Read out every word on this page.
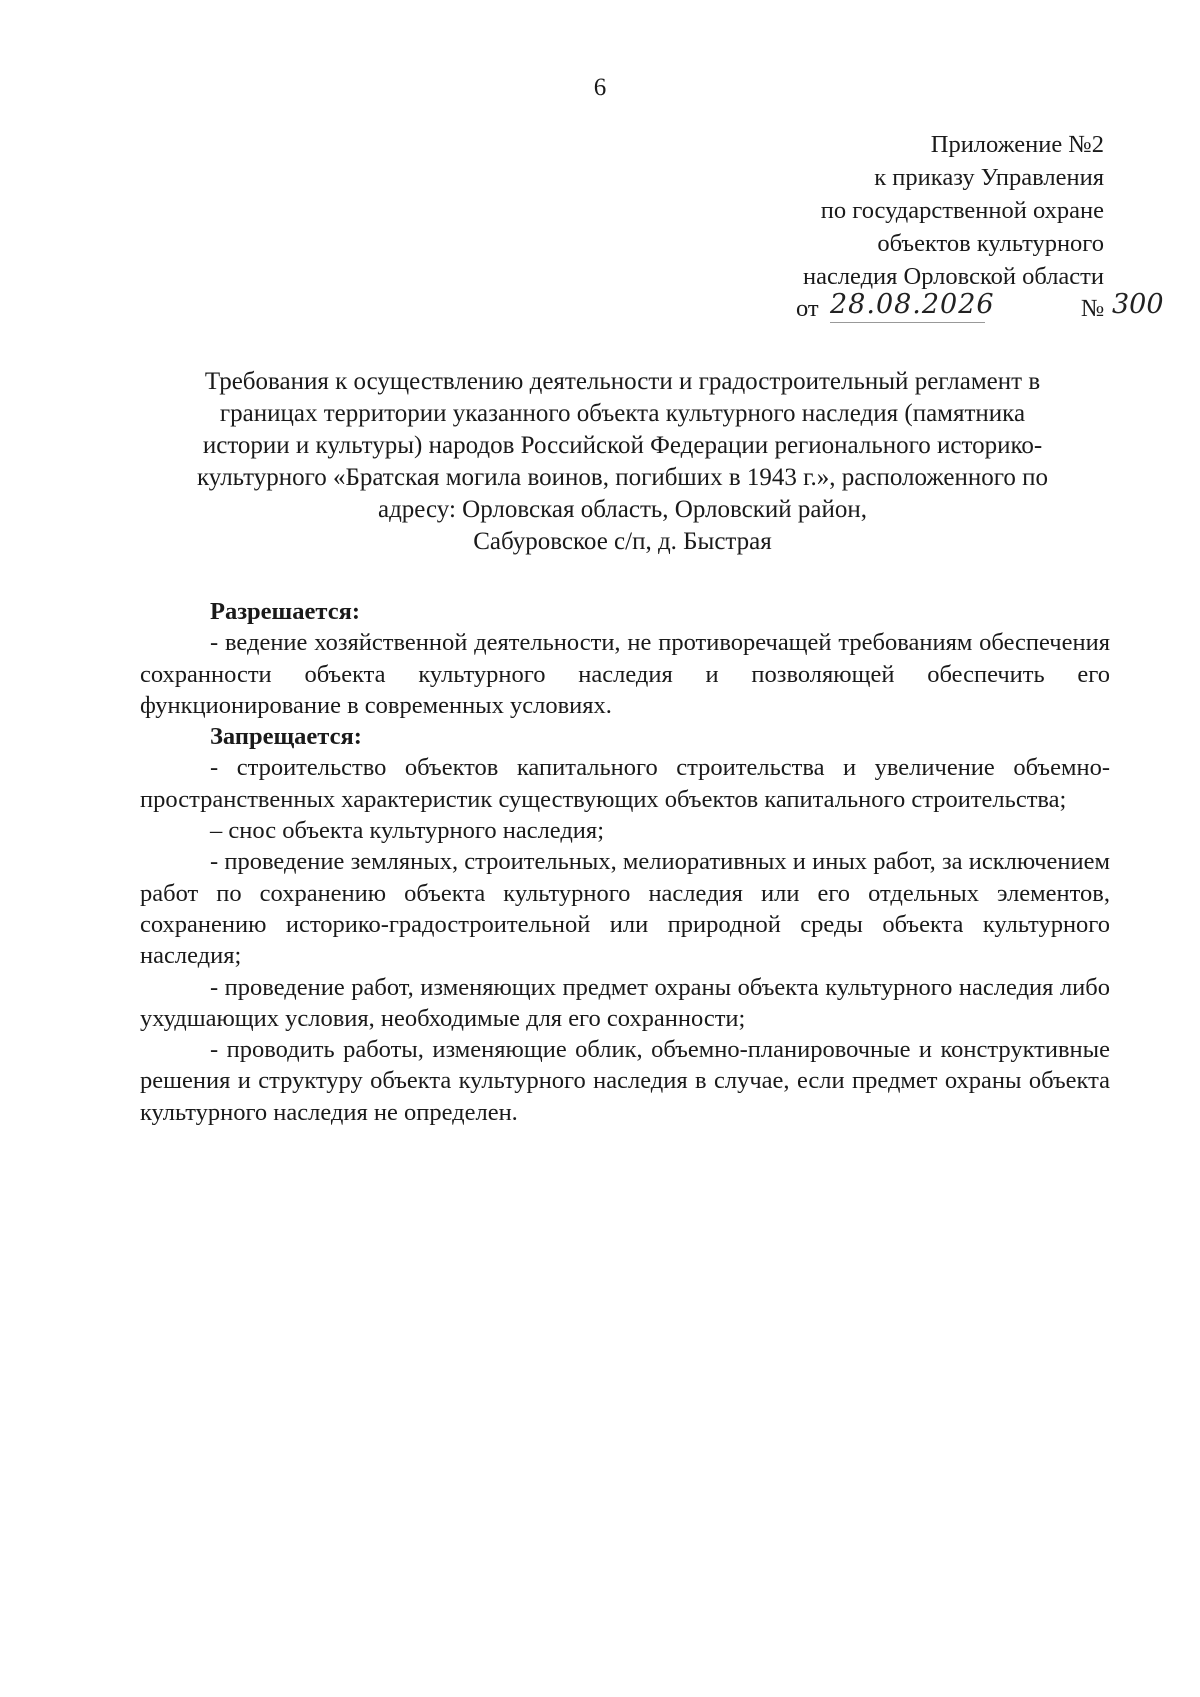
6
Приложение №2
к приказу Управления
по государственной охране
объектов культурного
наследия Орловской области
от 28.08.2026	№ 300
Требования к осуществлению деятельности и градостроительный регламент в
границах территории указанного объекта культурного наследия (памятника
истории и культуры) народов Российской Федерации регионального историко-
культурного «Братская могила воинов, погибших в 1943 г.», расположенного по
адресу: Орловская область, Орловский район,
Сабуровское с/п, д. Быстрая
Разрешается:

- ведение хозяйственной деятельности, не противоречащей требованиям обеспечения сохранности объекта культурного наследия и позволяющей обеспечить его функционирование в современных условиях.

Запрещается:

- строительство объектов капитального строительства и увеличение объемно-пространственных характеристик существующих объектов капитального строительства;

– снос объекта культурного наследия;

- проведение земляных, строительных, мелиоративных и иных работ, за исключением работ по сохранению объекта культурного наследия или его отдельных элементов, сохранению историко-градостроительной или природной среды объекта культурного наследия;

- проведение работ, изменяющих предмет охраны объекта культурного наследия либо ухудшающих условия, необходимые для его сохранности;

- проводить работы, изменяющие облик, объемно-планировочные и конструктивные решения и структуру объекта культурного наследия в случае, если предмет охраны объекта культурного наследия не определен.
